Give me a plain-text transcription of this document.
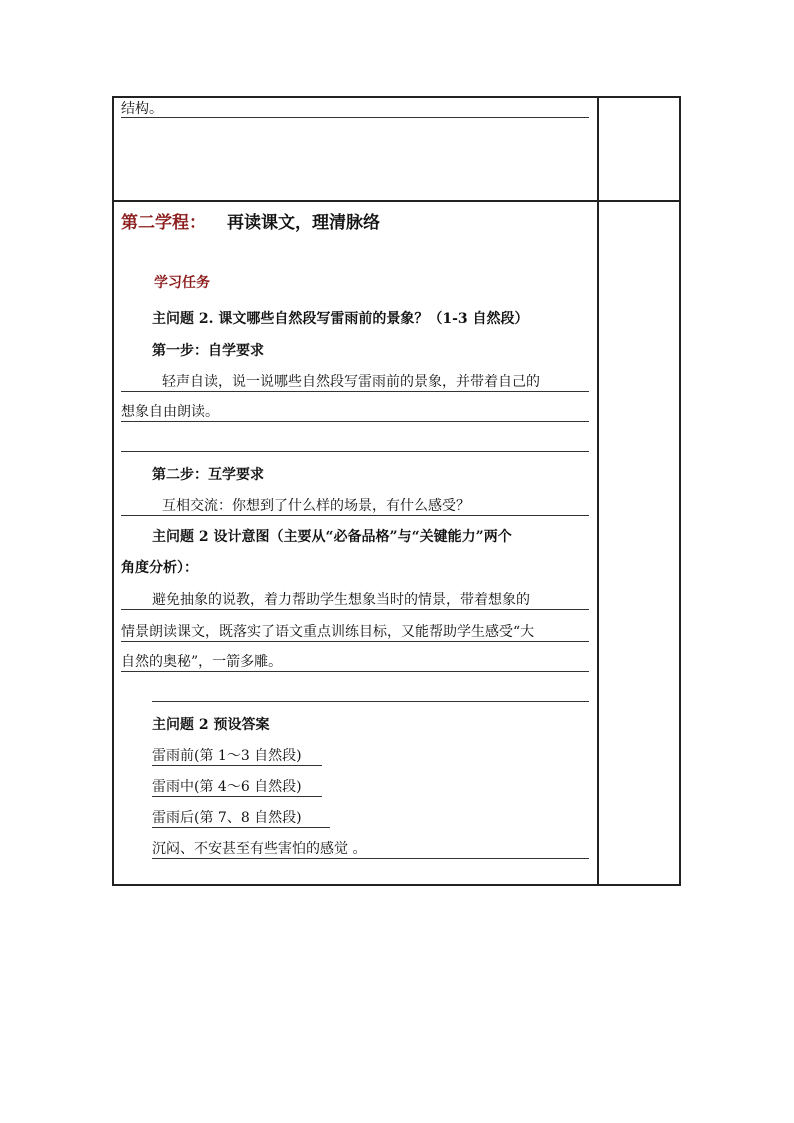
结构。
第二学程： 再读课文，理清脉络
学习任务
主问题 2. 课文哪些自然段写雷雨前的景象？（1-3 自然段）
第一步：自学要求
轻声自读，说一说哪些自然段写雷雨前的景象，并带着自己的
想象自由朗读。
第二步：互学要求
互相交流：你想到了什么样的场景，有什么感受？
主问题 2 设计意图（主要从“必备品格”与“关键能力”两个
角度分析）：
避免抽象的说教，着力帮助学生想象当时的情景，带着想象的
情景朗读课文，既落实了语文重点训练目标，又能帮助学生感受“大
自然的奥秘”，一箭多雕。
主问题 2 预设答案
雷雨前(第 1～3 自然段)
雷雨中(第 4～6 自然段)
雷雨后(第 7、8 自然段)
沉闷、不安甚至有些害怕的感觉 。
